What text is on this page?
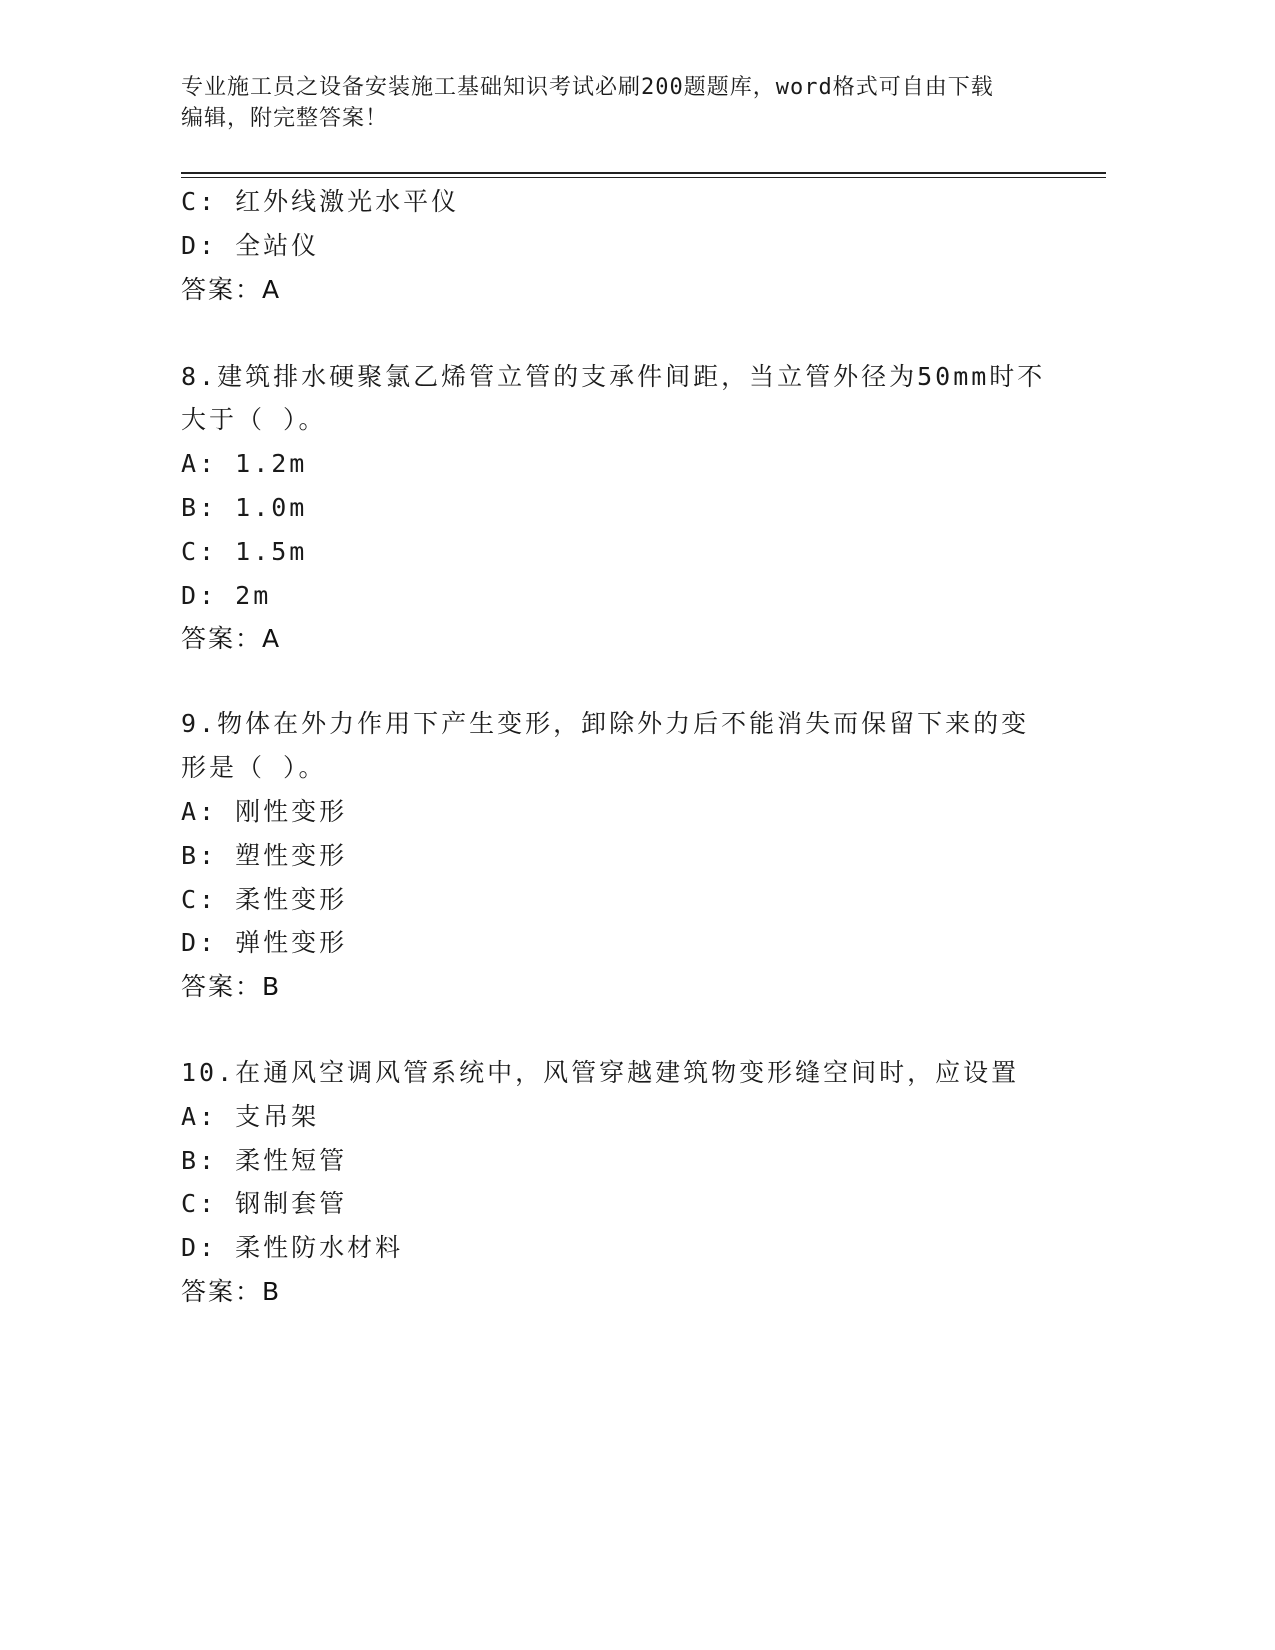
专业施工员之设备安装施工基础知识考试必刷200题题库，word格式可自由下载
编辑，附完整答案！
C: 红外线激光水平仪
D: 全站仪
答案：A
8.建筑排水硬聚氯乙烯管立管的支承件间距，当立管外径为50mm时不
大于（ ）。
A: 1.2m
B: 1.0m
C: 1.5m
D: 2m
答案：A
9.物体在外力作用下产生变形，卸除外力后不能消失而保留下来的变
形是（ ）。
A: 刚性变形
B: 塑性变形
C: 柔性变形
D: 弹性变形
答案：B
10.在通风空调风管系统中，风管穿越建筑物变形缝空间时，应设置
A: 支吊架
B: 柔性短管
C: 钢制套管
D: 柔性防水材料
答案：B
